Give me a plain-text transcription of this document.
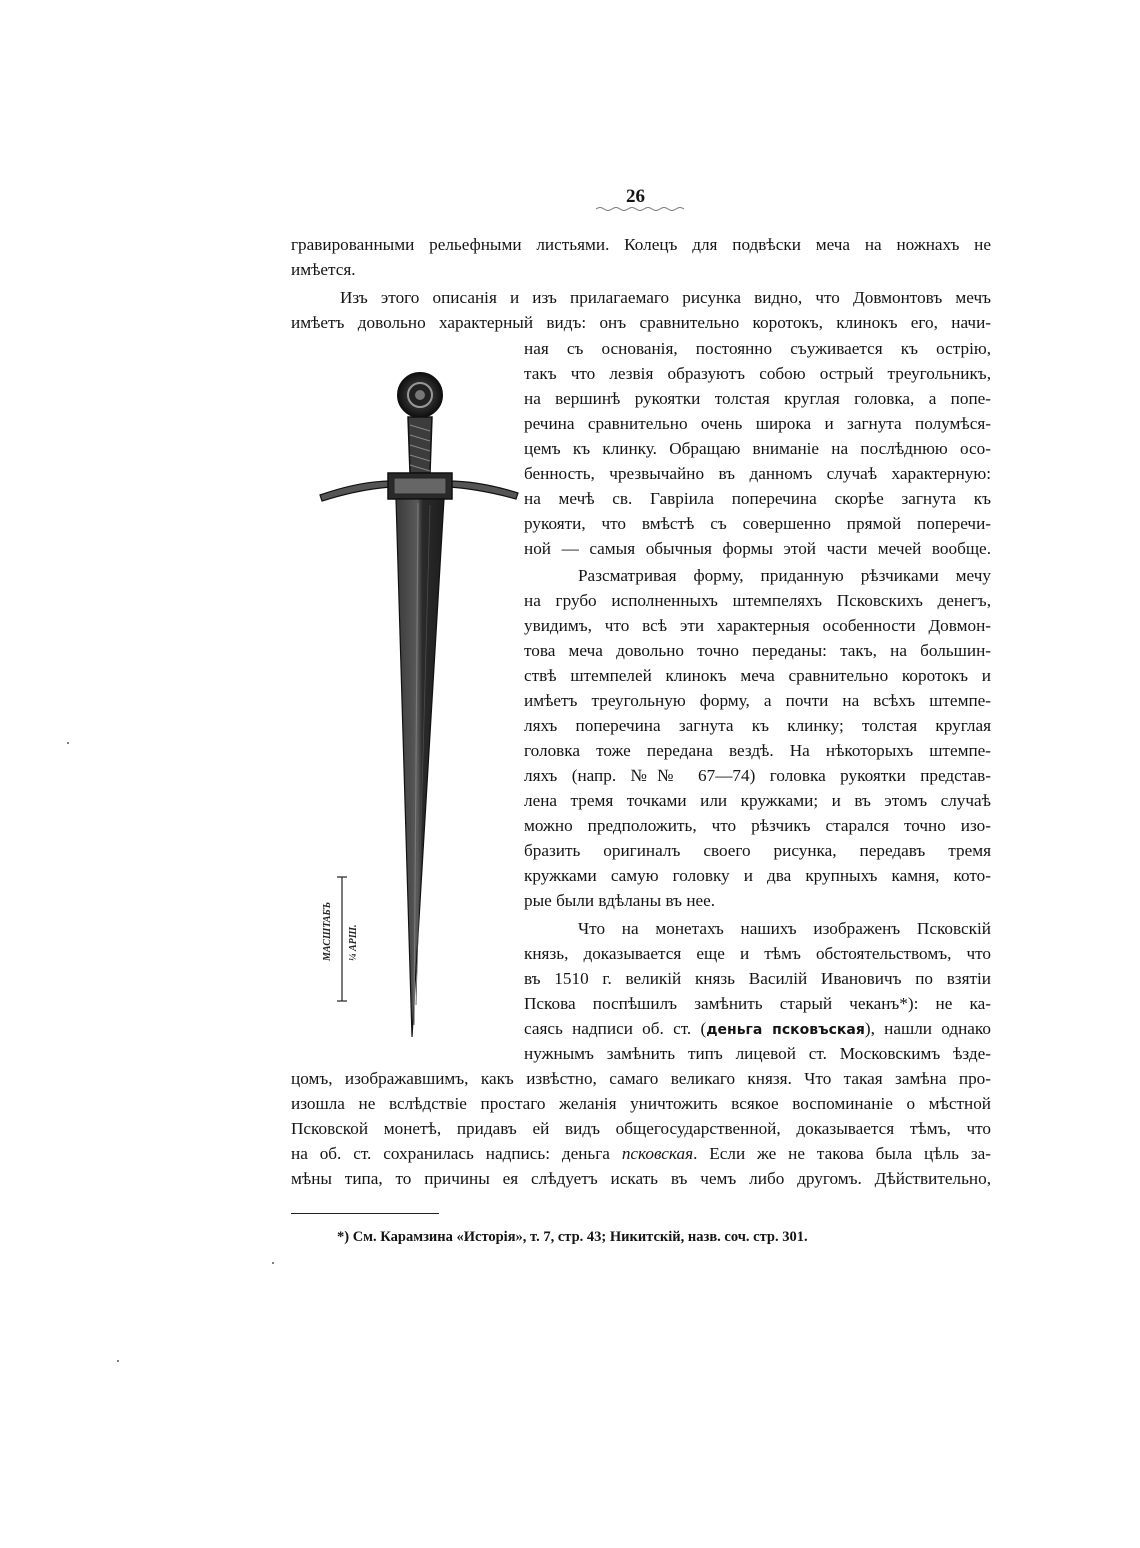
26
гравированными рельефными листьями. Колецъ для подвѣски меча на ножнахъ не
имѣется.
Изъ этого описанія и изъ прилагаемаго рисунка видно, что Довмонтовъ мечъ
имѣетъ довольно характерный видъ: онъ сравнительно коротокъ, клинокъ его, начи-
ная съ основанія, постоянно съуживается къ острію,
такъ что лезвія образуютъ собою острый треугольникъ,
на вершинѣ рукоятки толстая круглая головка, а попе-
речина сравнительно очень широка и загнута полумѣся-
цемъ къ клинку. Обращаю вниманіе на послѣднюю осо-
бенность, чрезвычайно въ данномъ случаѣ характерную:
на мечѣ св. Гавріила поперечина скорѣе загнута къ
рукояти, что вмѣстѣ съ совершенно прямой поперечи-
ной — самыя обычныя формы этой части мечей вообще.
Разсматривая форму, приданную рѣзчиками мечу
на грубо исполненныхъ штемпеляхъ Псковскихъ денегъ,
увидимъ, что всѣ эти характерныя особенности Довмон-
това меча довольно точно переданы: такъ, на большин-
ствѣ штемпелей клинокъ меча сравнительно коротокъ и
имѣетъ треугольную форму, а почти на всѣхъ штемпе-
ляхъ поперечина загнута къ клинку; толстая круглая
головка тоже передана вездѣ. На нѣкоторыхъ штемпе-
ляхъ (напр. №№ 67—74) головка рукоятки представ-
лена тремя точками или кружками; и въ этомъ случаѣ
можно предположить, что рѣзчикъ старался точно изо-
бразить оригиналъ своего рисунка, передавъ тремя
кружками самую головку и два крупныхъ камня, кото-
рые были вдѣланы въ нее.
Что на монетахъ нашихъ изображенъ Псковскій
князь, доказывается еще и тѣмъ обстоятельствомъ, что
въ 1510 г. великій князь Василій Ивановичъ по взятіи
Пскова поспѣшилъ замѣнить старый чеканъ*): не ка-
саясь надписи об. ст. (деньга псковъская), нашли однако
нужнымъ замѣнить типъ лицевой ст. Московскимъ ѣзде-
цомъ, изображавшимъ, какъ извѣстно, самаго великаго князя. Что такая замѣна про-
изошла не вслѣдствіе простаго желанія уничтожить всякое воспоминаніе о мѣстной
Псковской монетѣ, придавъ ей видъ общегосударственной, доказывается тѣмъ, что
на об. ст. сохранилась надпись: деньга псковская. Если же не такова была цѣль за-
мѣны типа, то причины ея слѣдуетъ искать въ чемъ либо другомъ. Дѣйствительно,
*) См. Карамзина «Исторія», т. 7, стр. 43; Никитскій, назв. соч. стр. 301.
МАСШТАБЪ ¼ АРШ.
